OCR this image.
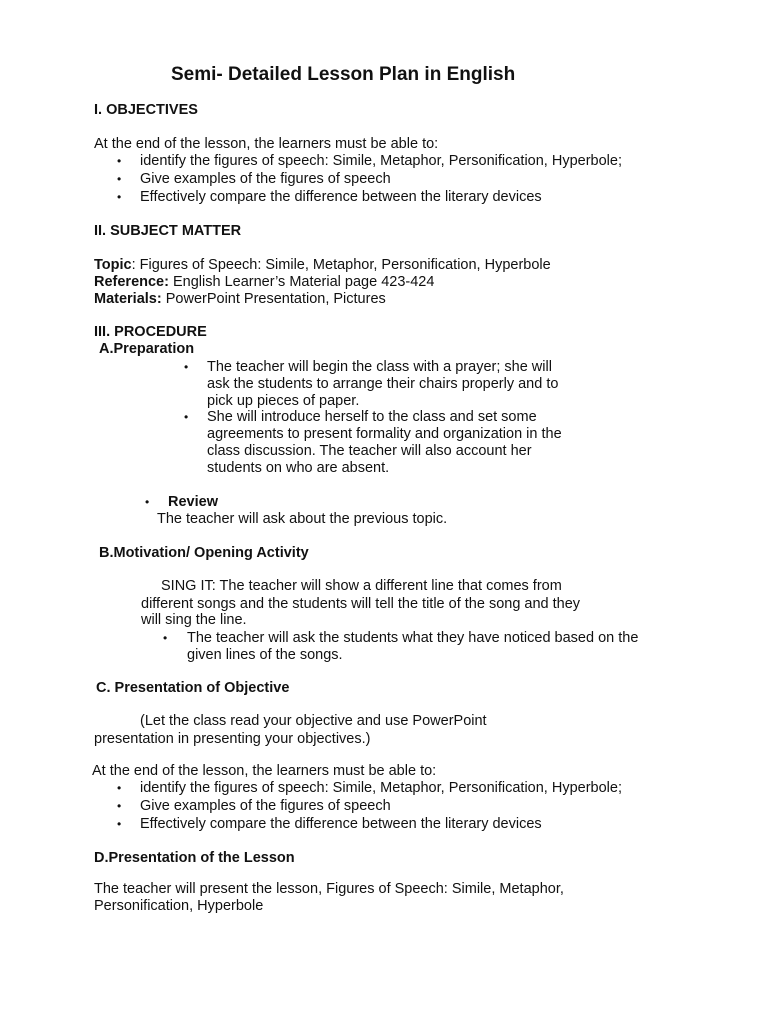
Semi- Detailed Lesson Plan in English
I. OBJECTIVES
At the end of the lesson, the learners must be able to:
• identify the figures of speech: Simile, Metaphor, Personification, Hyperbole;
• Give examples of the figures of speech
• Effectively compare the difference between the literary devices
II. SUBJECT MATTER
Topic: Figures of Speech: Simile, Metaphor, Personification, Hyperbole
Reference: English Learner’s Material page 423-424
Materials: PowerPoint Presentation, Pictures
III. PROCEDURE
A.Preparation
• The teacher will begin the class with a prayer; she will
ask the students to arrange their chairs properly and to
pick up pieces of paper.
• She will introduce herself to the class and set some
agreements to present formality and organization in the
class discussion. The teacher will also account her
students on who are absent.
• Review
The teacher will ask about the previous topic.
B.Motivation/ Opening Activity
SING IT: The teacher will show a different line that comes from
different songs and the students will tell the title of the song and they
will sing the line.
• The teacher will ask the students what they have noticed based on the
given lines of the songs.
C. Presentation of Objective
(Let the class read your objective and use PowerPoint
presentation in presenting your objectives.)
At the end of the lesson, the learners must be able to:
• identify the figures of speech: Simile, Metaphor, Personification, Hyperbole;
• Give examples of the figures of speech
• Effectively compare the difference between the literary devices
D.Presentation of the Lesson
The teacher will present the lesson, Figures of Speech: Simile, Metaphor,
Personification, Hyperbole
